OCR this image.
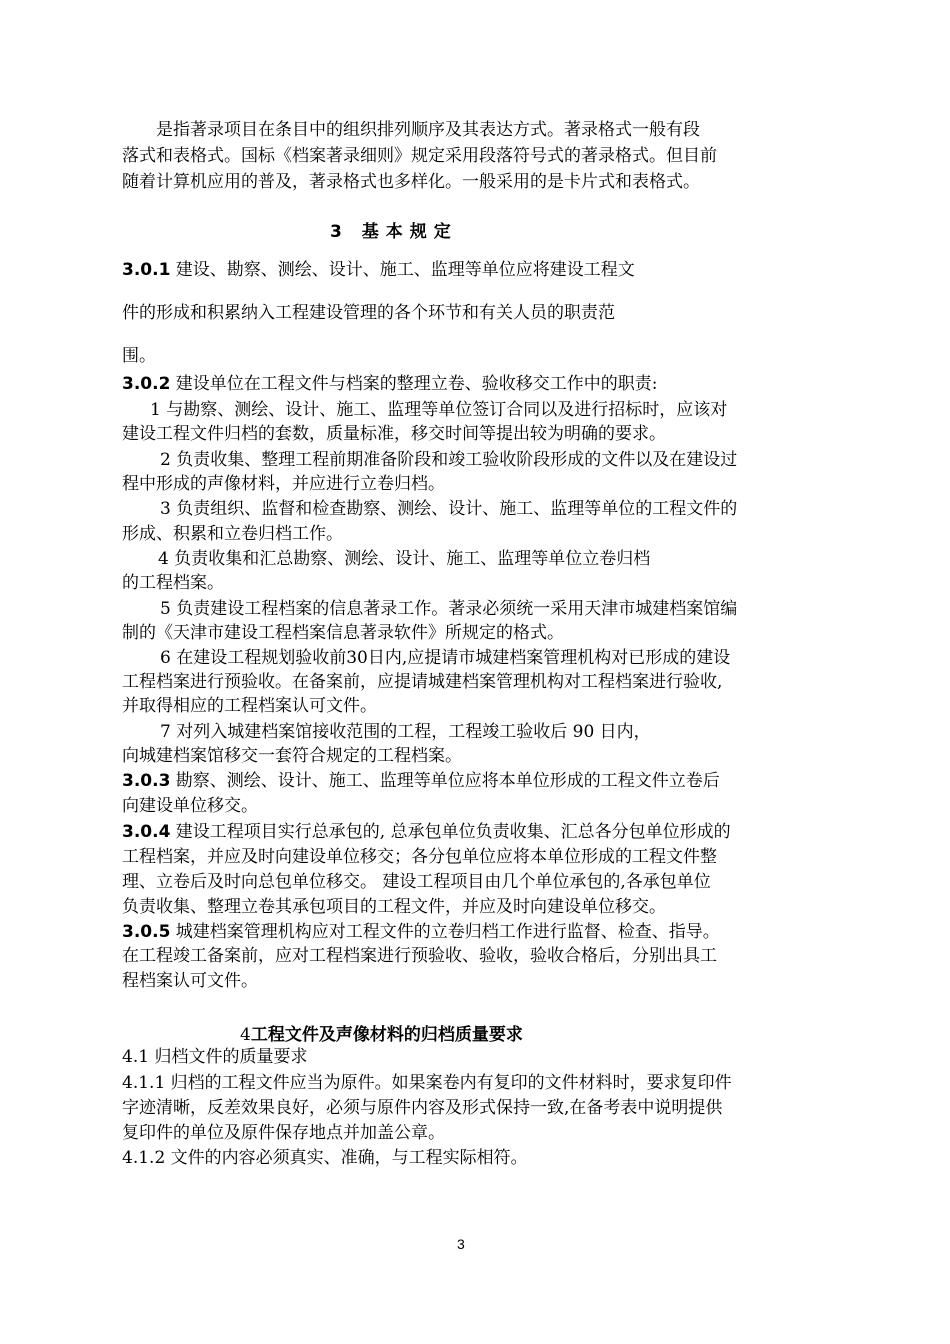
　　是指著录项目在条目中的组织排列顺序及其表达方式。著录格式一般有段
落式和表格式。国标《档案著录细则》规定采用段落符号式的著录格式。但目前
随着计算机应用的普及，著录格式也多样化。一般采用的是卡片式和表格式。
3 基本规定
3.0.1 建设、勘察、测绘、设计、施工、监理等单位应将建设工程文
件的形成和积累纳入工程建设管理的各个环节和有关人员的职责范
围。
3.0.2 建设单位在工程文件与档案的整理立卷、验收移交工作中的职责:
1 与勘察、测绘、设计、施工、监理等单位签订合同以及进行招标时，应该对
建设工程文件归档的套数，质量标准，移交时间等提出较为明确的要求。
2 负责收集、整理工程前期准备阶段和竣工验收阶段形成的文件以及在建设过
程中形成的声像材料，并应进行立卷归档。
3 负责组织、监督和检查勘察、测绘、设计、施工、监理等单位的工程文件的
形成、积累和立卷归档工作。
4 负责收集和汇总勘察、测绘、设计、施工、监理等单位立卷归档
的工程档案。
5 负责建设工程档案的信息著录工作。著录必须统一采用天津市城建档案馆编
制的《天津市建设工程档案信息著录软件》所规定的格式。
6 在建设工程规划验收前30日内,应提请市城建档案管理机构对已形成的建设
工程档案进行预验收。在备案前，应提请城建档案管理机构对工程档案进行验收,
并取得相应的工程档案认可文件。
7 对列入城建档案馆接收范围的工程，工程竣工验收后 90 日内，
向城建档案馆移交一套符合规定的工程档案。
3.0.3 勘察、测绘、设计、施工、监理等单位应将本单位形成的工程文件立卷后
向建设单位移交。
3.0.4 建设工程项目实行总承包的, 总承包单位负责收集、汇总各分包单位形成的
工程档案，并应及时向建设单位移交；各分包单位应将本单位形成的工程文件整
理、立卷后及时向总包单位移交。 建设工程项目由几个单位承包的,各承包单位
负责收集、整理立卷其承包项目的工程文件，并应及时向建设单位移交。
3.0.5 城建档案管理机构应对工程文件的立卷归档工作进行监督、检查、指导。
在工程竣工备案前，应对工程档案进行预验收、验收，验收合格后，分别出具工
程档案认可文件。
4工程文件及声像材料的归档质量要求
4.1 归档文件的质量要求
4.1.1 归档的工程文件应当为原件。如果案卷内有复印的文件材料时，要求复印件
字迹清晰，反差效果良好，必须与原件内容及形式保持一致,在备考表中说明提供
复印件的单位及原件保存地点并加盖公章。
4.1.2 文件的内容必须真实、准确，与工程实际相符。
3
